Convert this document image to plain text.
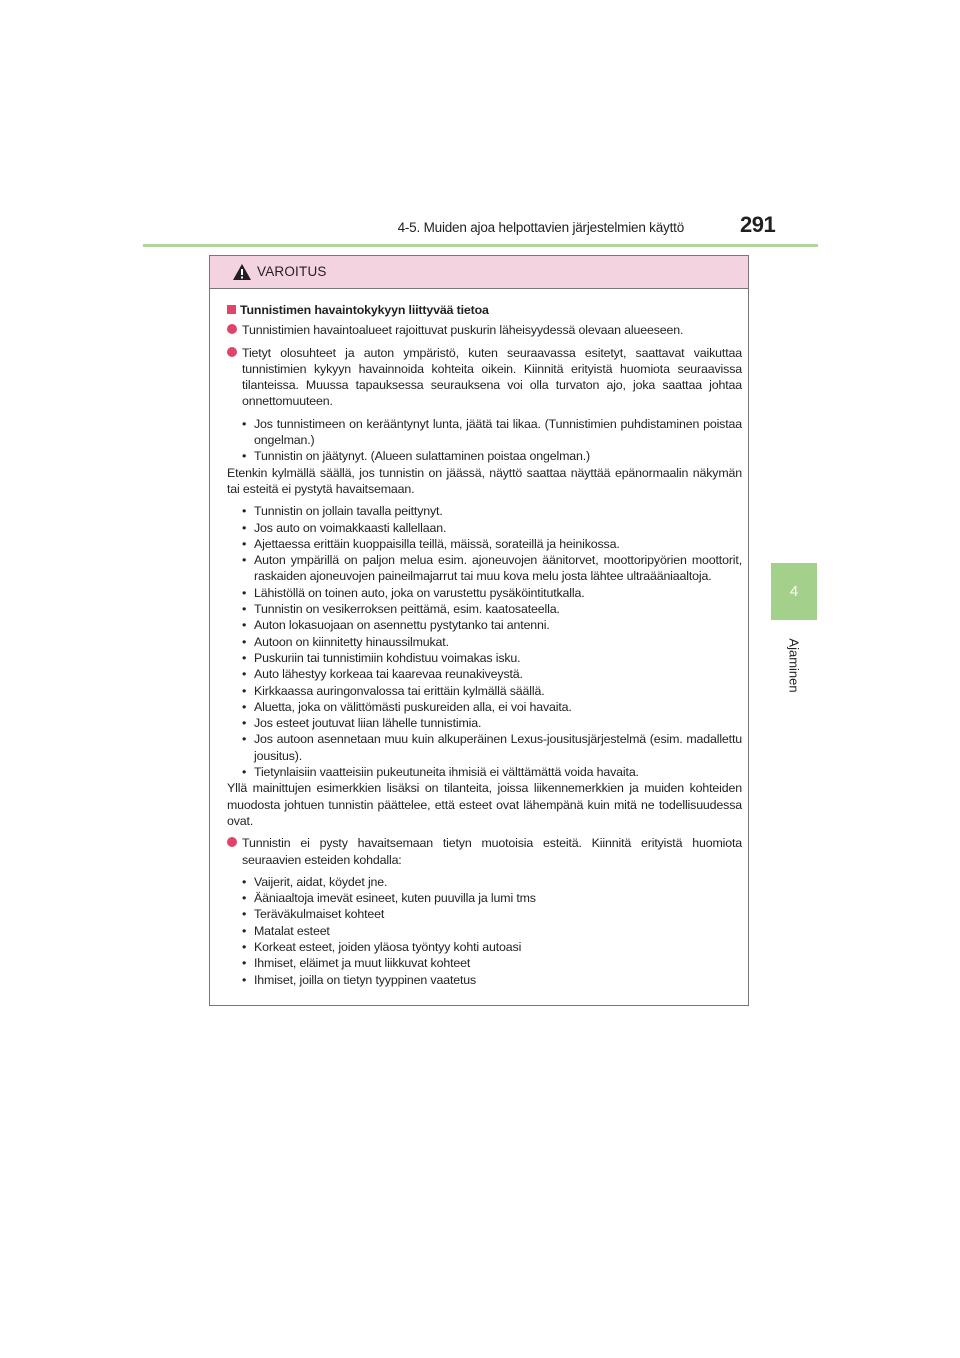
4-5. Muiden ajoa helpottavien järjestelmien käyttö	291
4
Ajaminen
VAROITUS
Tunnistimen havaintokykyyn liittyvää tietoa
Tunnistimien havaintoalueet rajoittuvat puskurin läheisyydessä olevaan alueeseen.
Tietyt olosuhteet ja auton ympäristö, kuten seuraavassa esitetyt, saattavat vaikuttaa tunnistimien kykyyn havainnoida kohteita oikein. Kiinnitä erityistä huomiota seuraavissa tilanteissa. Muussa tapauksessa seurauksena voi olla turvaton ajo, joka saattaa johtaa onnettomuuteen.
• Jos tunnistimeen on kerääntynyt lunta, jäätä tai likaa. (Tunnistimien puhdistaminen poistaa ongelman.)
• Tunnistin on jäätynyt. (Alueen sulattaminen poistaa ongelman.)

Etenkin kylmällä säällä, jos tunnistin on jäässä, näyttö saattaa näyttää epänormaalin näkymän tai esteitä ei pystytä havaitsemaan.

• Tunnistin on jollain tavalla peittynyt.
• Jos auto on voimakkaasti kallellaan.
• Ajettaessa erittäin kuoppaisilla teillä, mäissä, sorateillä ja heinikossa.
• Auton ympärillä on paljon melua esim. ajoneuvojen äänitorvet, moottoripyörien moottorit, raskaiden ajoneuvojen paineilmajarrut tai muu kova melu josta lähtee ultraääniaaltoja.
• Lähistöllä on toinen auto, joka on varustettu pysäköintitutkalla.
• Tunnistin on vesikerroksen peittämä, esim. kaatosateella.
• Auton lokasuojaan on asennettu pystytanko tai antenni.
• Autoon on kiinnitetty hinaussilmukat.
• Puskuriin tai tunnistimiin kohdistuu voimakas isku.
• Auto lähestyy korkeaa tai kaarevaa reunakiveystä.
• Kirkkaassa auringonvalossa tai erittäin kylmällä säällä.
• Aluetta, joka on välittömästi puskureiden alla, ei voi havaita.
• Jos esteet joutuvat liian lähelle tunnistimia.
• Jos autoon asennetaan muu kuin alkuperäinen Lexus-jousitusjärjestelmä (esim. madallettu jousitus).
• Tietynlaisiin vaatteisiin pukeutuneita ihmisiä ei välttämättä voida havaita.

Yllä mainittujen esimerkkien lisäksi on tilanteita, joissa liikennemerkkien ja muiden kohteiden muodosta johtuen tunnistin päättelee, että esteet ovat lähempänä kuin mitä ne todellisuudessa ovat.

Tunnistin ei pysty havaitsemaan tietyn muotoisia esteitä. Kiinnitä erityistä huomiota seuraavien esteiden kohdalla:
• Vaijerit, aidat, köydet jne.
• Ääniaaltoja imevät esineet, kuten puuvilla ja lumi tms
• Teräväkulmaiset kohteet
• Matalat esteet
• Korkeat esteet, joiden yläosa työntyy kohti autoasi
• Ihmiset, eläimet ja muut liikkuvat kohteet
• Ihmiset, joilla on tietyn tyyppinen vaatetus
